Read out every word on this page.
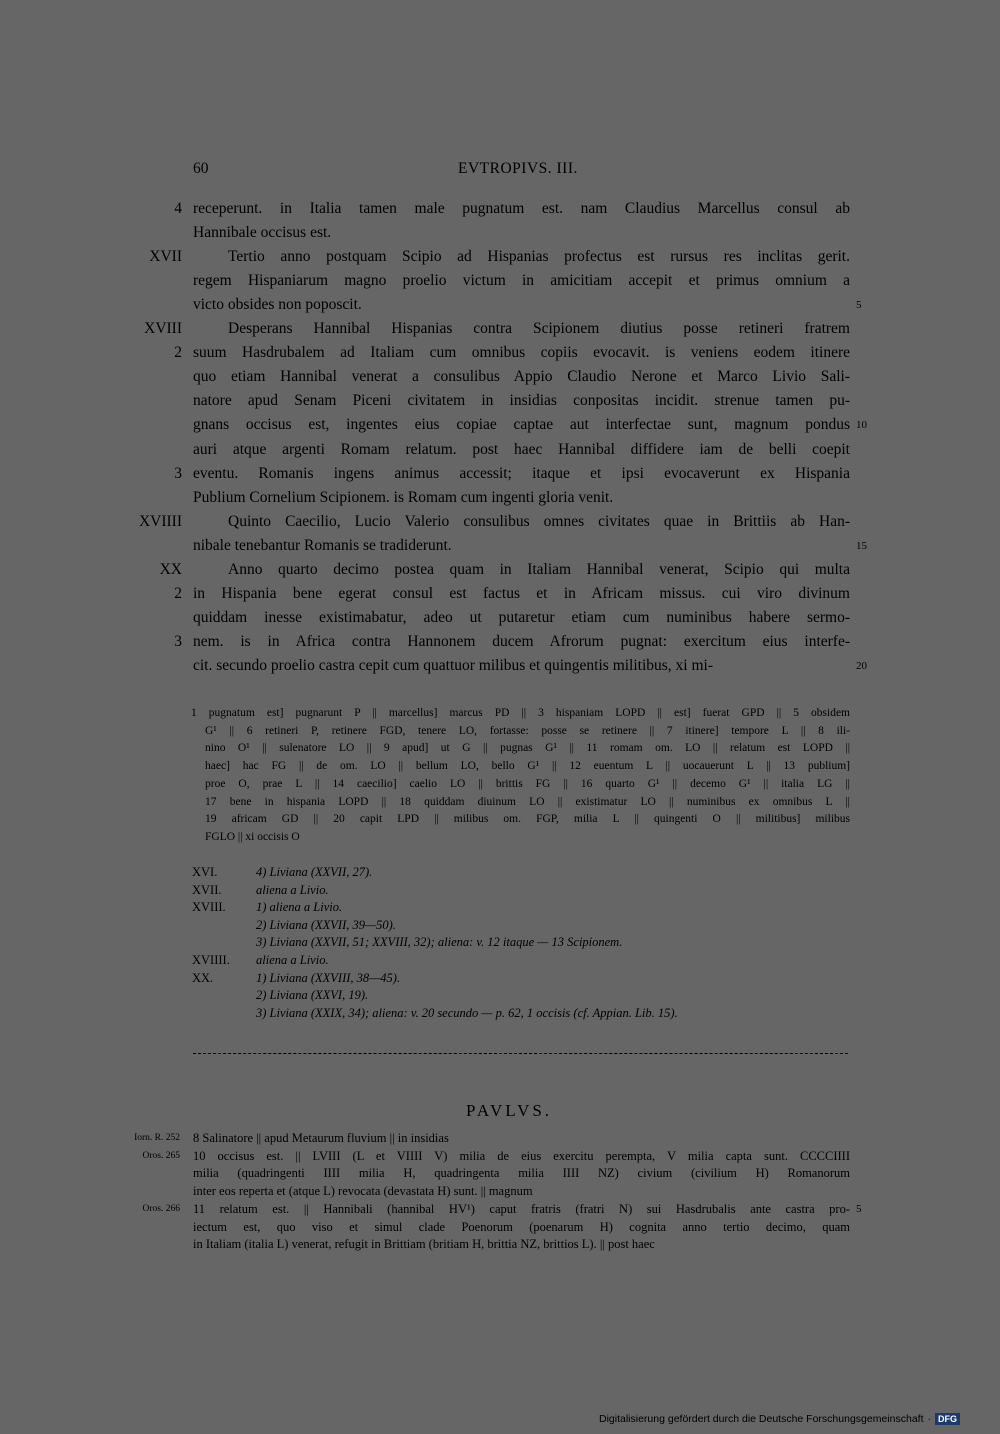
60	EVTROPIVS. III.
4 receperunt. in Italia tamen male pugnatum est. nam Claudius Marcellus consul ab
Hannibale occisus est.
XVII	Tertio anno postquam Scipio ad Hispanias profectus est rursus res inclitas gerit.
regem Hispaniarum magno proelio victum in amicitiam accepit et primus omnium a
victo obsides non poposcit.	5
XVIII	Desperans Hannibal Hispanias contra Scipionem diutius posse retineri fratrem
2 suum Hasdrubalem ad Italiam cum omnibus copiis evocavit. is veniens eodem itinere
quo etiam Hannibal venerat a consulibus Appio Claudio Nerone et Marco Livio Sali-
natore apud Senam Piceni civitatem in insidias conpositas incidit. strenue tamen pu-
gnans occisus est, ingentes eius copiae captae aut interfectae sunt, magnum pondus 10
auri atque argenti Romam relatum. post haec Hannibal diffidere iam de belli coepit
3 eventu. Romanis ingens animus accessit; itaque et ipsi evocaverunt ex Hispania
Publium Cornelium Scipionem. is Romam cum ingenti gloria venit.
XVIIII	Quinto Caecilio, Lucio Valerio consulibus omnes civitates quae in Brittiis ab Han-
nibale tenebantur Romanis se tradiderunt.	15
XX	Anno quarto decimo postea quam in Italiam Hannibal venerat, Scipio qui multa
2 in Hispania bene egerat consul est factus et in Africam missus. cui viro divinum
quiddam inesse existimabatur, adeo ut putaretur etiam cum numinibus habere sermo-
3 nem. is in Africa contra Hannonem ducem Afrorum pugnat: exercitum eius interfe-
cit. secundo proelio castra cepit cum quattuor milibus et quingentis militibus, xi mi-	20
1 pugnatum est] pugnarunt P || marcellus] marcus PD || 3 hispaniam LOPD || est] fuerat GPD || 5 obsidem
G¹ || 6 retineri P, retinere FGD, tenere LO, fortasse: posse se retinere || 7 itinere] tempore L || 8 ili-
nino O¹ || sulenatore LO || 9 apud] ut G || pugnas G¹ || 11 romam om. LO || relatum est LOPD ||
haec] hac FG || de om. LO || bellum LO, bello G¹ || 12 euentum L || uocauerunt L || 13 publium]
proe O, prae L || 14 caecilio] caelio LO || brittis FG || 16 quarto G¹ || decemo G¹ || italia LG ||
17 bene in hispania LOPD || 18 quiddam diuinum LO || existimatur LO || numinibus ex omnibus L ||
19 africam GD || 20 capit LPD || milibus om. FGP, milia L || quingenti O || militibus] milibus
FGLO || xi occisis O
XVI.	4) Liviana (XXVII, 27).
XVII.	aliena a Livio.
XVIII. 1) aliena a Livio.
2) Liviana (XXVII, 39—50).
3) Liviana (XXVII, 51; XXVIII, 32); aliena: v. 12 itaque — 13 Scipionem.
XVIIII. aliena a Livio.
XX.	1) Liviana (XXVIII, 38—45).
2) Liviana (XXVI, 19).
3) Liviana (XXIX, 34); aliena: v. 20 secundo — p. 62, 1 occisis (cf. Appian. Lib. 15).
PAVLVS.
Iorn. R. 252 8 Salinatore || apud Metaurum fluvium || in insidias
Oros. 265 10 occisus est. || LVIII (L et VIIII V) milia de eius exercitu perempta, V milia capta sunt. CCCCIIII
milia (quadringenti IIII milia H, quadringenta milia IIII NZ) civium (civilium H) Romanorum
inter eos reperta et (atque L) revocata (devastata H) sunt. || magnum
Oros. 266 11 relatum est. || Hannibali (hannibal HV¹) caput fratris (fratri N) sui Hasdrubalis ante castra pro- 5
iectum est, quo viso et simul clade Poenorum (poenarum H) cognita anno tertio decimo, quam
in Italiam (italia L) venerat, refugit in Brittiam (britiam H, brittia NZ, brittios L). || post haec
Digitalisierung gefördert durch die Deutsche Forschungsgemeinschaft · DFG
